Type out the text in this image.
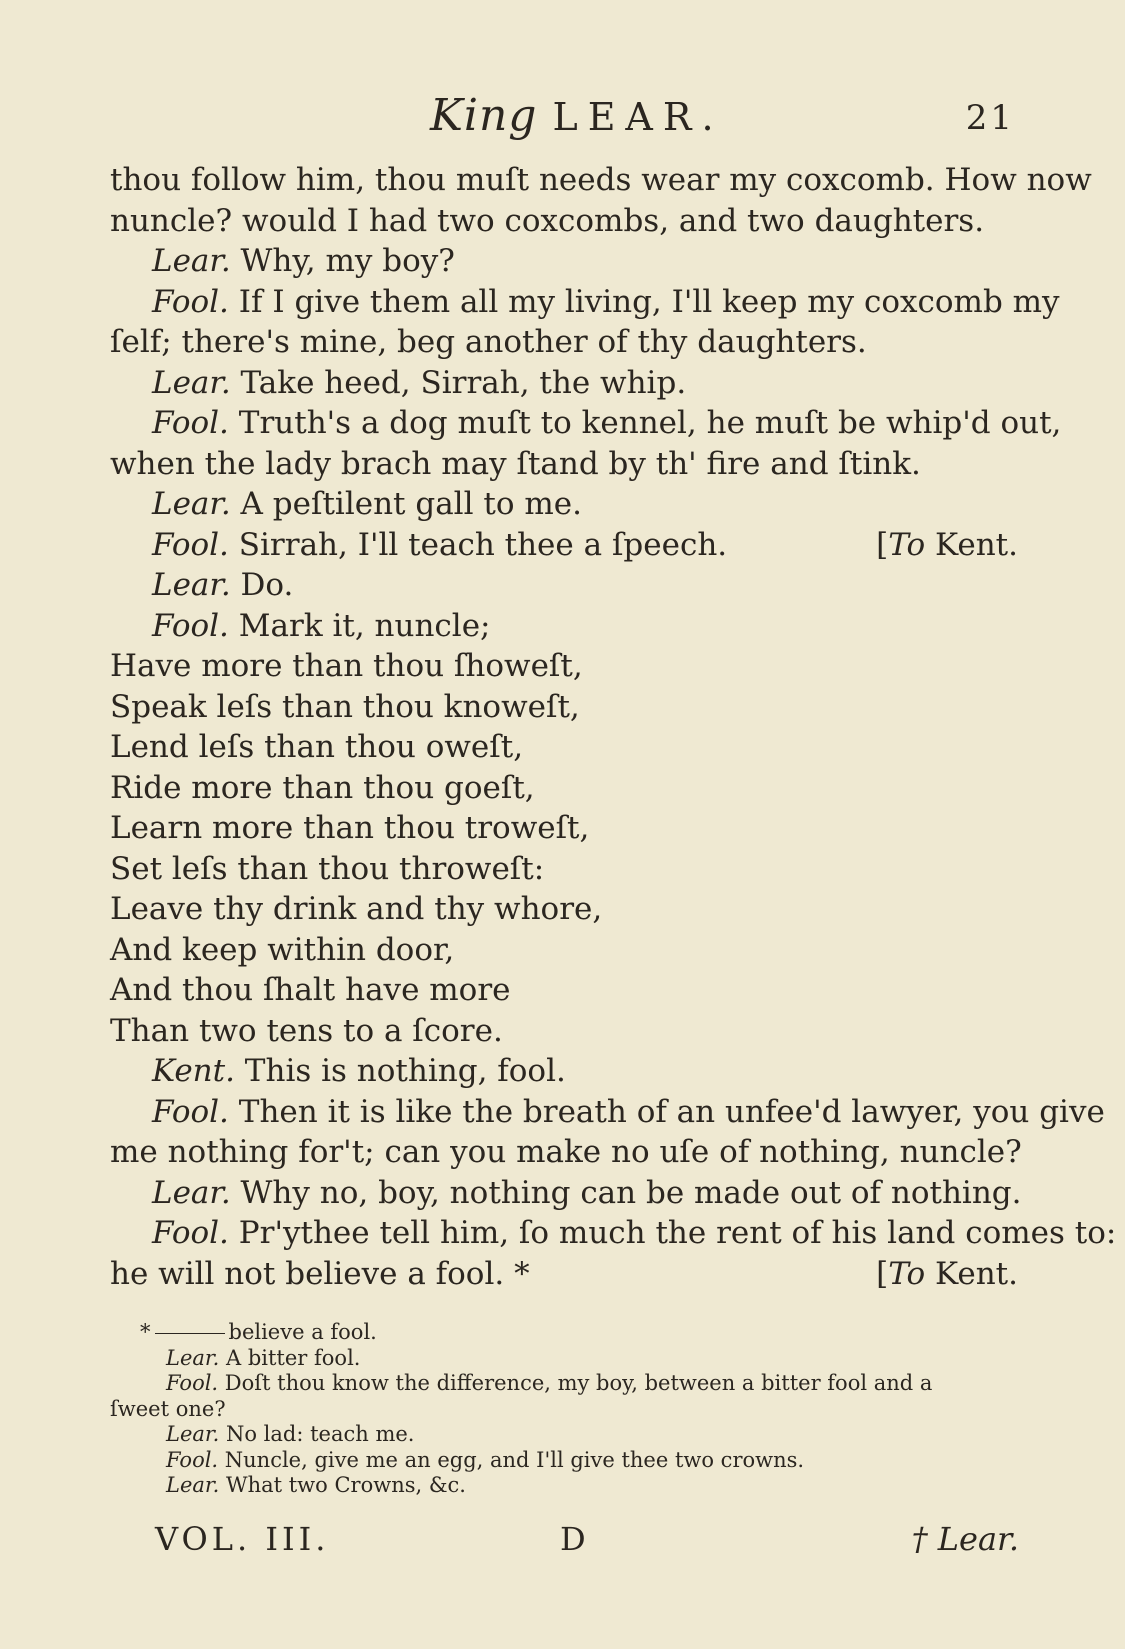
King LEAR.	21
thou follow him, thou muſt needs wear my coxcomb. How now
nuncle? would I had two coxcombs, and two daughters.
Lear. Why, my boy?
Fool. If I give them all my living, I'll keep my coxcomb my
ſelf; there's mine, beg another of thy daughters.
Lear. Take heed, Sirrah, the whip.
Fool. Truth's a dog muſt to kennel, he muſt be whip'd out,
when the lady brach may ſtand by th' fire and ſtink.
Lear. A peſtilent gall to me.
Fool. Sirrah, I'll teach thee a ſpeech.	[To Kent.
Lear. Do.
Fool. Mark it, nuncle;
Have more than thou ſhoweſt,
Speak leſs than thou knoweſt,
Lend leſs than thou oweſt,
Ride more than thou goeſt,
Learn more than thou troweſt,
Set leſs than thou throweſt:
Leave thy drink and thy whore,
And keep within door,
And thou ſhalt have more
Than two tens to a ſcore.
Kent. This is nothing, fool.
Fool. Then it is like the breath of an unfee'd lawyer, you give
me nothing for't; can you make no uſe of nothing, nuncle?
Lear. Why no, boy, nothing can be made out of nothing.
Fool. Pr'ythee tell him, ſo much the rent of his land comes to:
he will not believe a fool. *	[To Kent.
*	believe a fool.
Lear. A bitter fool.
Fool. Doſt thou know the difference, my boy, between a bitter fool and a
ſweet one?
Lear. No lad: teach me.
Fool. Nuncle, give me an egg, and I'll give thee two crowns.
Lear. What two Crowns, &c.
VOL. III.	D	† Lear.
